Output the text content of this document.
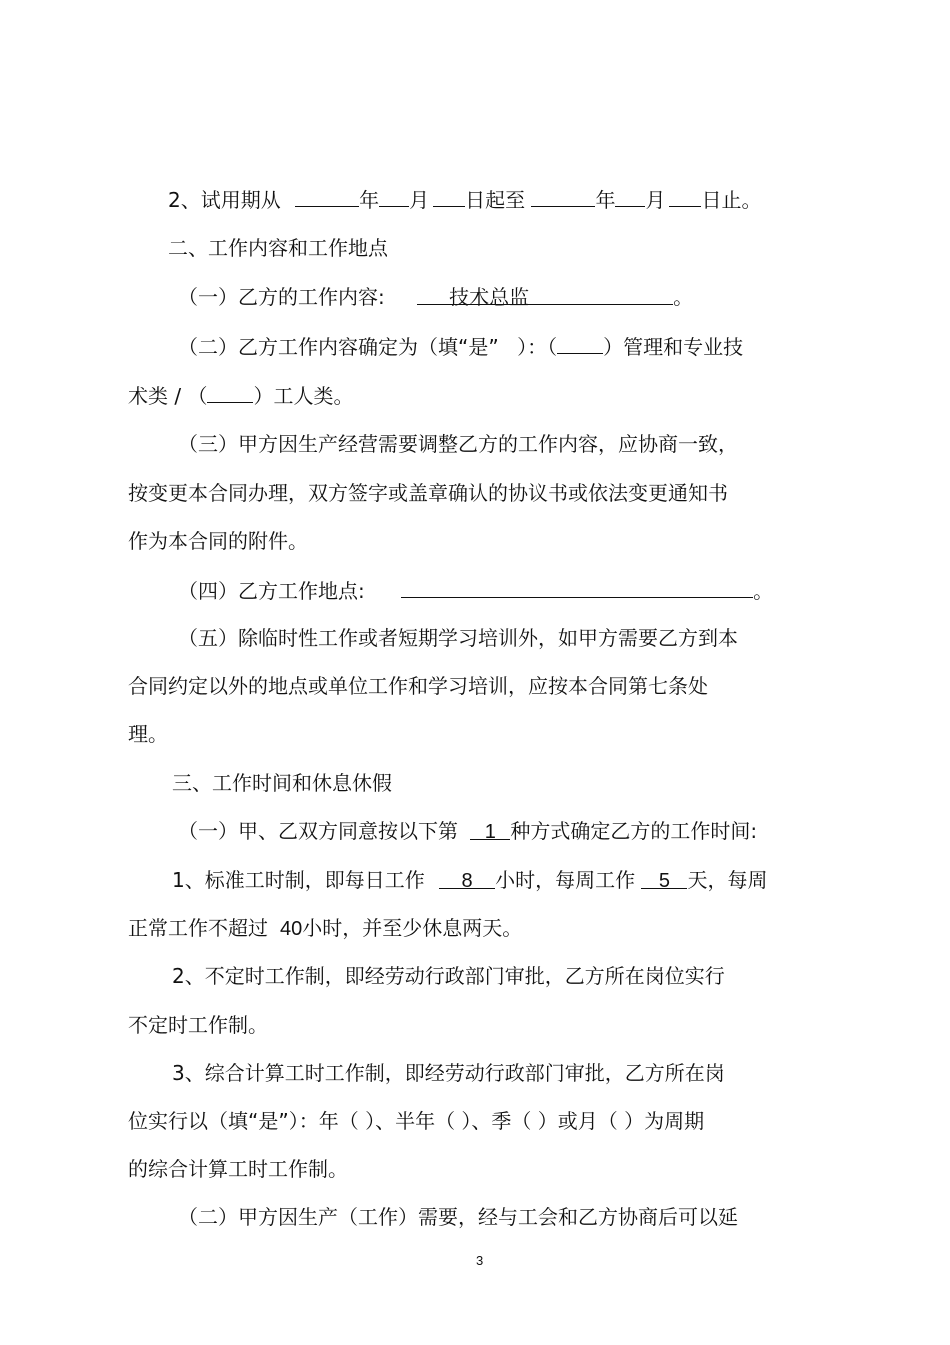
2、试用期从	年 月 日起至	年 月 日止。
二、工作内容和工作地点
（一）乙方的工作内容:	技术总监	。
（二）乙方工作内容确定为（填“是” ）：（ ）管理和专业技
术类 / （ ）工人类。
（三）甲方因生产经营需要调整乙方的工作内容，应协商一致，
按变更本合同办理，双方签字或盖章确认的协议书或依法变更通知书
作为本合同的附件。
（四）乙方工作地点:	。
（五）除临时性工作或者短期学习培训外，如甲方需要乙方到本
合同约定以外的地点或单位工作和学习培训，应按本合同第七条处
理。
三、工作时间和休息休假
（一）甲、乙双方同意按以下第 1 种方式确定乙方的工作时间:
1、标准工时制，即每日工作 8 小时，每周工作 5 天，每周
正常工作不超过 40小时，并至少休息两天。
2、不定时工作制，即经劳动行政部门审批，乙方所在岗位实行
不定时工作制。
3、综合计算工时工作制，即经劳动行政部门审批，乙方所在岗
位实行以（填“是”）：年（ ）、半年（ ）、季（ ）或月（ ）为周期
的综合计算工时工作制。
（二）甲方因生产（工作）需要，经与工会和乙方协商后可以延
3
